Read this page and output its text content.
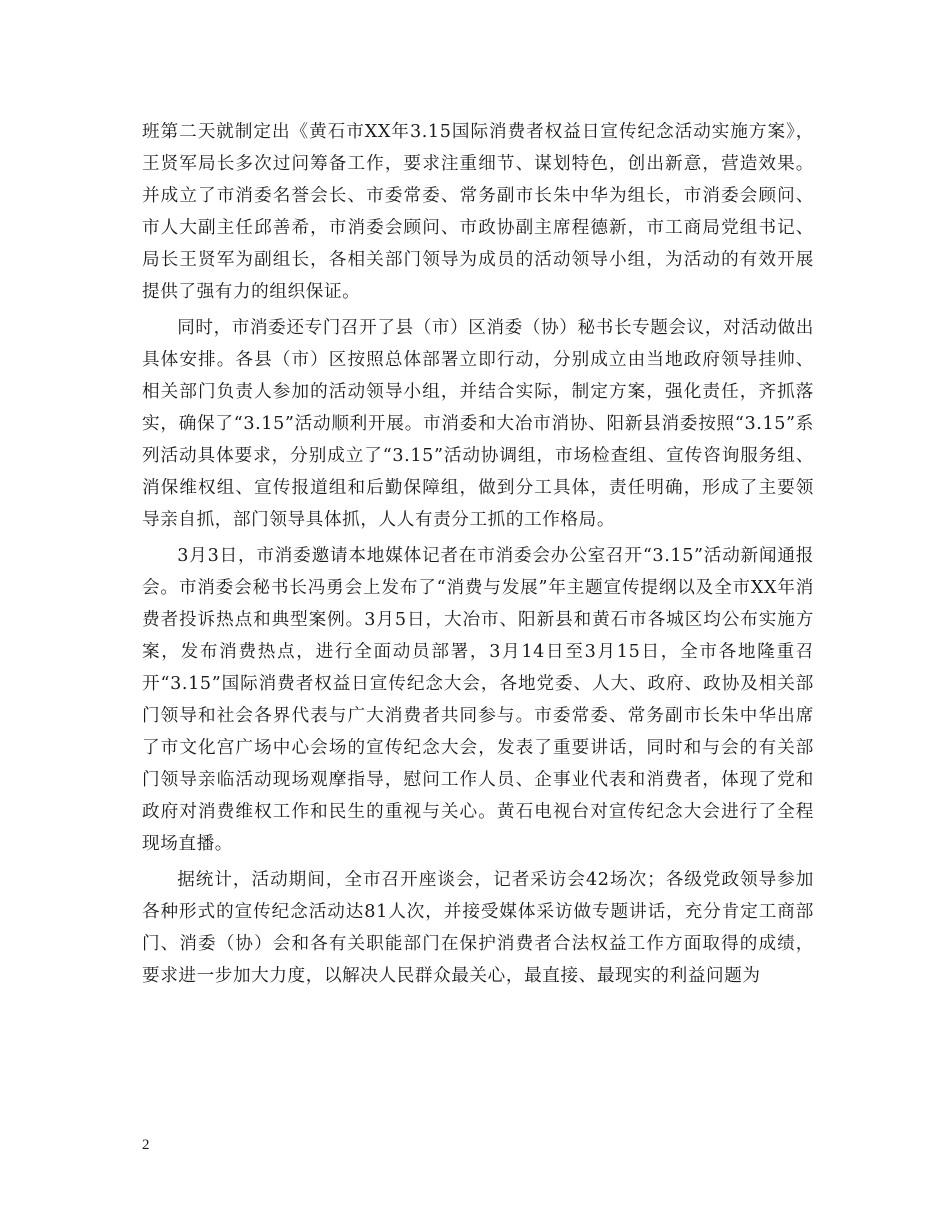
班第二天就制定出《黄石市XX年3.15国际消费者权益日宣传纪念活动实施方案》，王贤军局长多次过问筹备工作，要求注重细节、谋划特色，创出新意，营造效果。并成立了市消委名誉会长、市委常委、常务副市长朱中华为组长，市消委会顾问、市人大副主任邱善希，市消委会顾问、市政协副主席程德新，市工商局党组书记、局长王贤军为副组长，各相关部门领导为成员的活动领导小组，为活动的有效开展提供了强有力的组织保证。

同时，市消委还专门召开了县（市）区消委（协）秘书长专题会议，对活动做出具体安排。各县（市）区按照总体部署立即行动，分别成立由当地政府领导挂帅、相关部门负责人参加的活动领导小组，并结合实际，制定方案，强化责任，齐抓落实，确保了“3.15”活动顺利开展。市消委和大冶市消协、阳新县消委按照“3.15”系列活动具体要求，分别成立了“3.15”活动协调组，市场检查组、宣传咨询服务组、消保维权组、宣传报道组和后勤保障组，做到分工具体，责任明确，形成了主要领导亲自抓，部门领导具体抓，人人有责分工抓的工作格局。

3月3日，市消委邀请本地媒体记者在市消委会办公室召开“3.15”活动新闻通报会。市消委会秘书长冯勇会上发布了“消费与发展”年主题宣传提纲以及全市XX年消费者投诉热点和典型案例。3月5日，大冶市、阳新县和黄石市各城区均公布实施方案，发布消费热点，进行全面动员部署，3月14日至3月15日，全市各地隆重召开“3.15”国际消费者权益日宣传纪念大会，各地党委、人大、政府、政协及相关部门领导和社会各界代表与广大消费者共同参与。市委常委、常务副市长朱中华出席了市文化宫广场中心会场的宣传纪念大会，发表了重要讲话，同时和与会的有关部门领导亲临活动现场观摩指导，慰问工作人员、企事业代表和消费者，体现了党和政府对消费维权工作和民生的重视与关心。黄石电视台对宣传纪念大会进行了全程现场直播。

据统计，活动期间，全市召开座谈会，记者采访会42场次；各级党政领导参加各种形式的宣传纪念活动达81人次，并接受媒体采访做专题讲话，充分肯定工商部门、消委（协）会和各有关职能部门在保护消费者合法权益工作方面取得的成绩，要求进一步加大力度，以解决人民群众最关心，最直接、最现实的利益问题为

2
